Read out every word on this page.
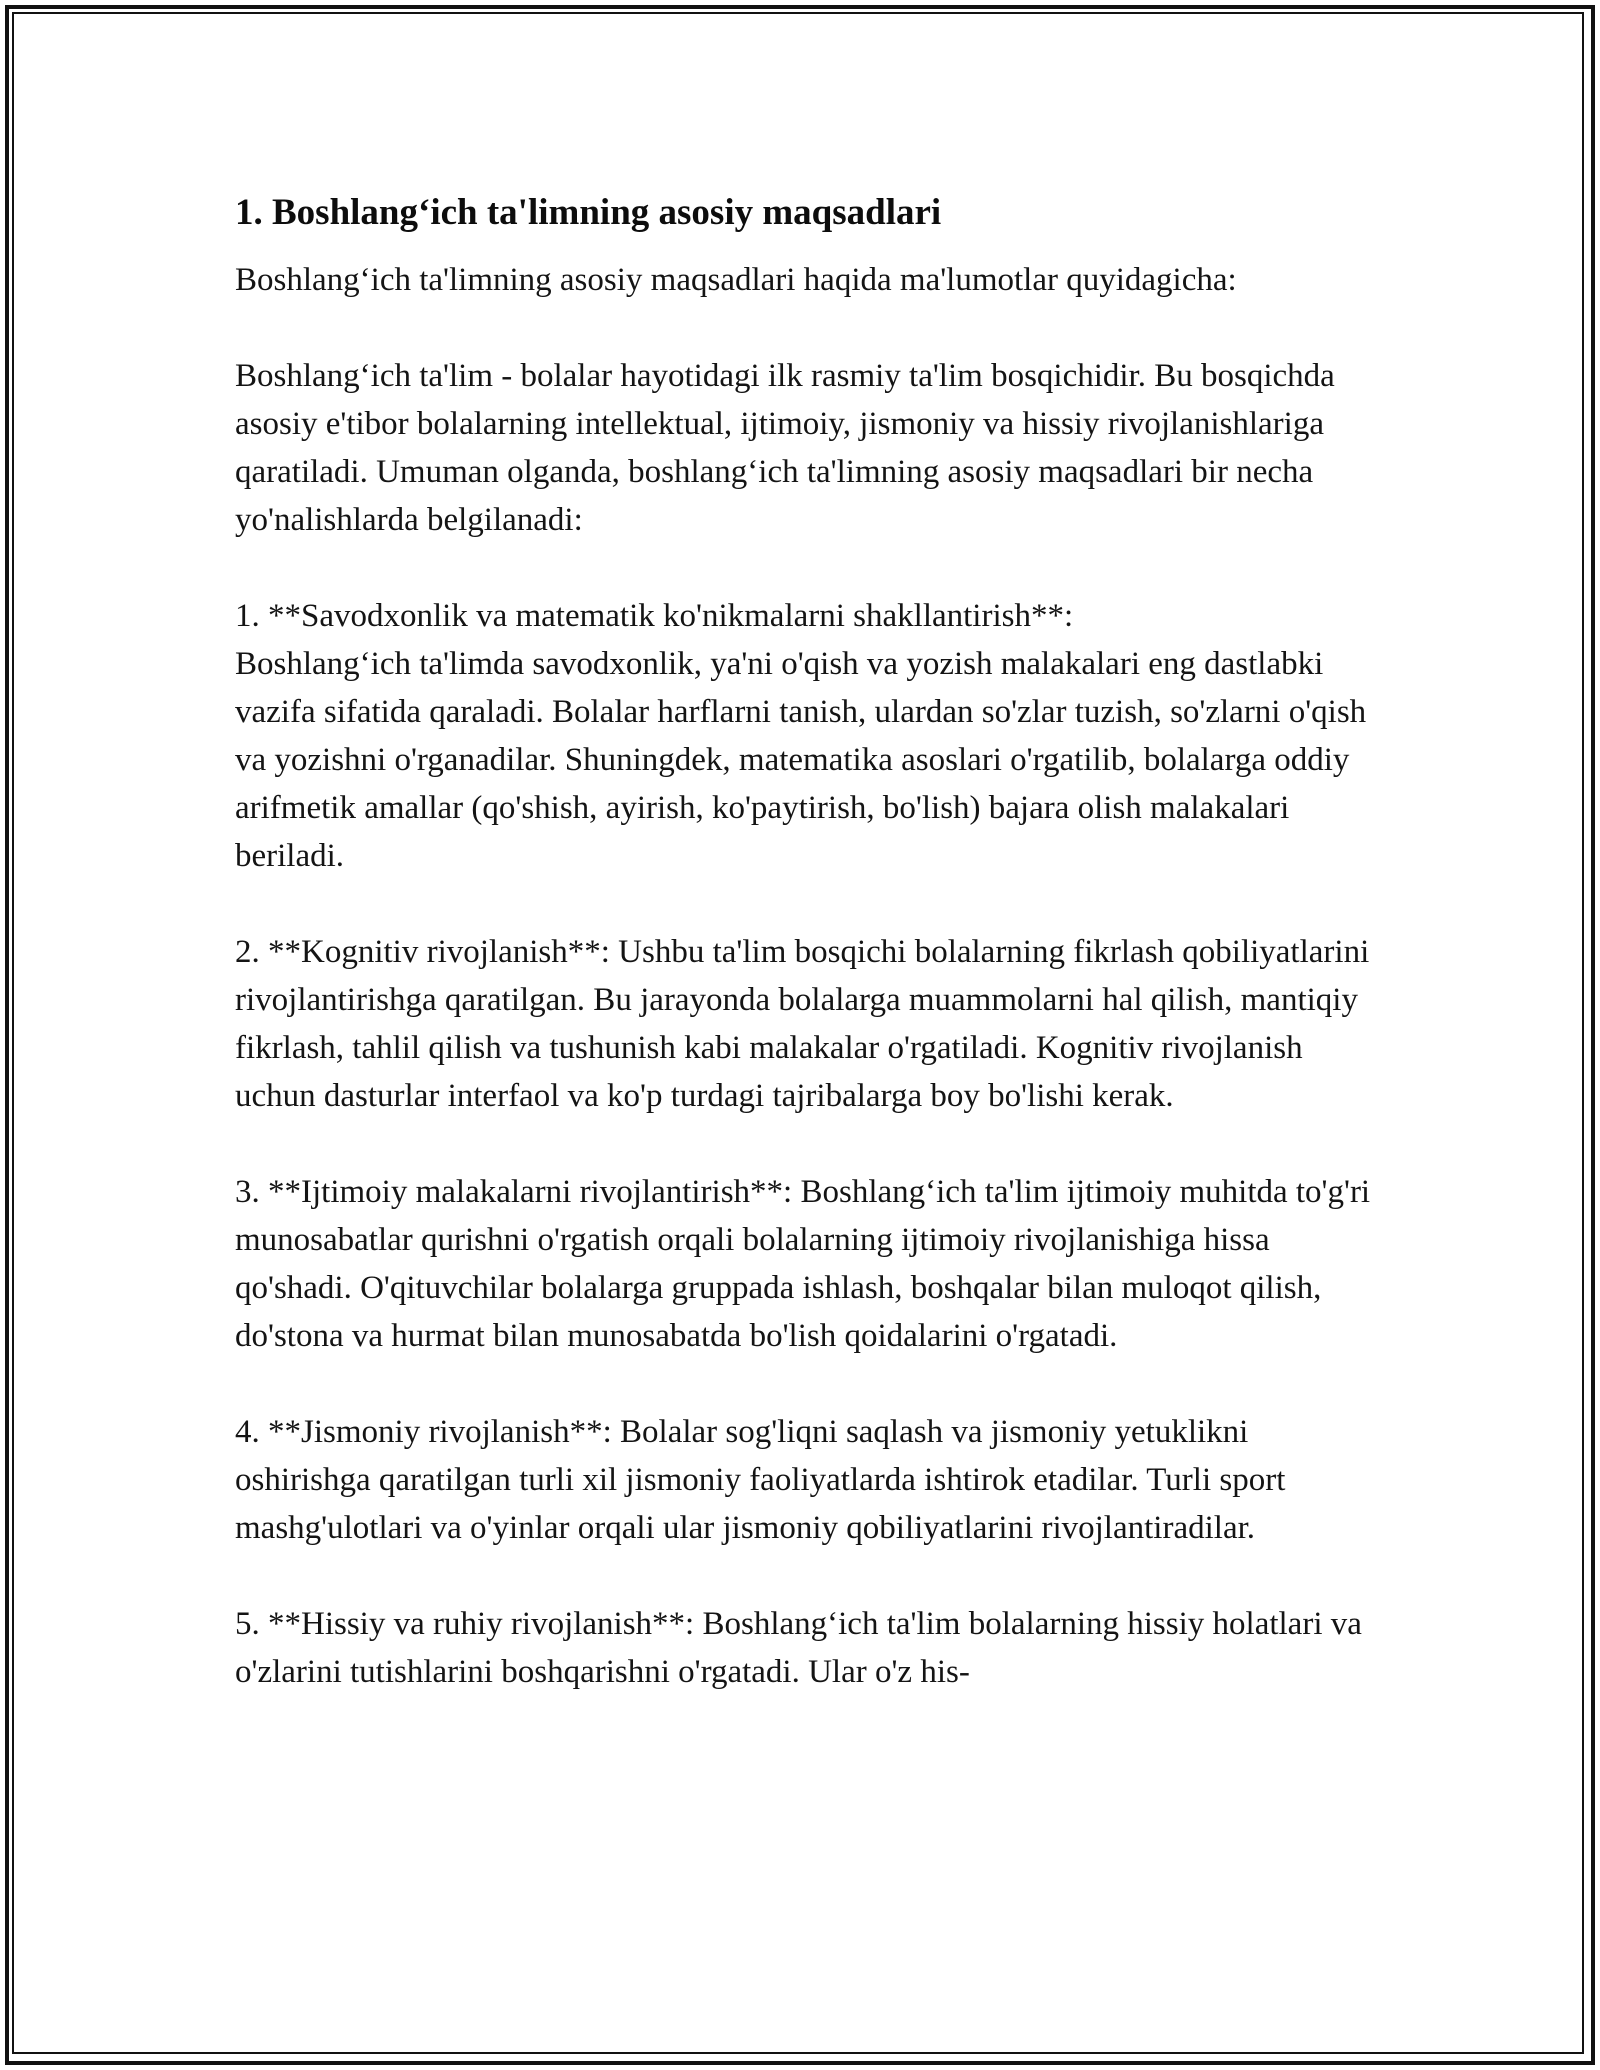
1. Boshlang‘ich ta'limning asosiy maqsadlari

Boshlang‘ich ta'limning asosiy maqsadlari haqida ma'lumotlar quyidagicha:

Boshlang‘ich ta'lim - bolalar hayotidagi ilk rasmiy ta'lim bosqichidir. Bu bosqichda asosiy e'tibor bolalarning intellektual, ijtimoiy, jismoniy va hissiy rivojlanishlariga qaratiladi. Umuman olganda, boshlang‘ich ta'limning asosiy maqsadlari bir necha yo'nalishlarda belgilanadi:

1. **Savodxonlik va matematik ko'nikmalarni shakllantirish**:
Boshlang‘ich ta'limda savodxonlik, ya'ni o'qish va yozish malakalari eng dastlabki vazifa sifatida qaraladi. Bolalar harflarni tanish, ulardan so'zlar tuzish, so'zlarni o'qish va yozishni o'rganadilar. Shuningdek, matematika asoslari o'rgatilib, bolalarga oddiy arifmetik amallar (qo'shish, ayirish, ko'paytirish, bo'lish) bajara olish malakalari beriladi.

2. **Kognitiv rivojlanish**: Ushbu ta'lim bosqichi bolalarning fikrlash qobiliyatlarini rivojlantirishga qaratilgan. Bu jarayonda bolalarga muammolarni hal qilish, mantiqiy fikrlash, tahlil qilish va tushunish kabi malakalar o'rgatiladi. Kognitiv rivojlanish uchun dasturlar interfaol va ko'p turdagi tajribalarga boy bo'lishi kerak.

3. **Ijtimoiy malakalarni rivojlantirish**: Boshlang‘ich ta'lim ijtimoiy muhitda to'g'ri munosabatlar qurishni o'rgatish orqali bolalarning ijtimoiy rivojlanishiga hissa qo'shadi. O'qituvchilar bolalarga gruppada ishlash, boshqalar bilan muloqot qilish, do'stona va hurmat bilan munosabatda bo'lish qoidalarini o'rgatadi.

4. **Jismoniy rivojlanish**: Bolalar sog'liqni saqlash va jismoniy yetuklikni oshirishga qaratilgan turli xil jismoniy faoliyatlarda ishtirok etadilar. Turli sport mashg'ulotlari va o'yinlar orqali ular jismoniy qobiliyatlarini rivojlantiradilar.

5. **Hissiy va ruhiy rivojlanish**: Boshlang‘ich ta'lim bolalarning hissiy holatlari va o'zlarini tutishlarini boshqarishni o'rgatadi. Ular o'z his-
